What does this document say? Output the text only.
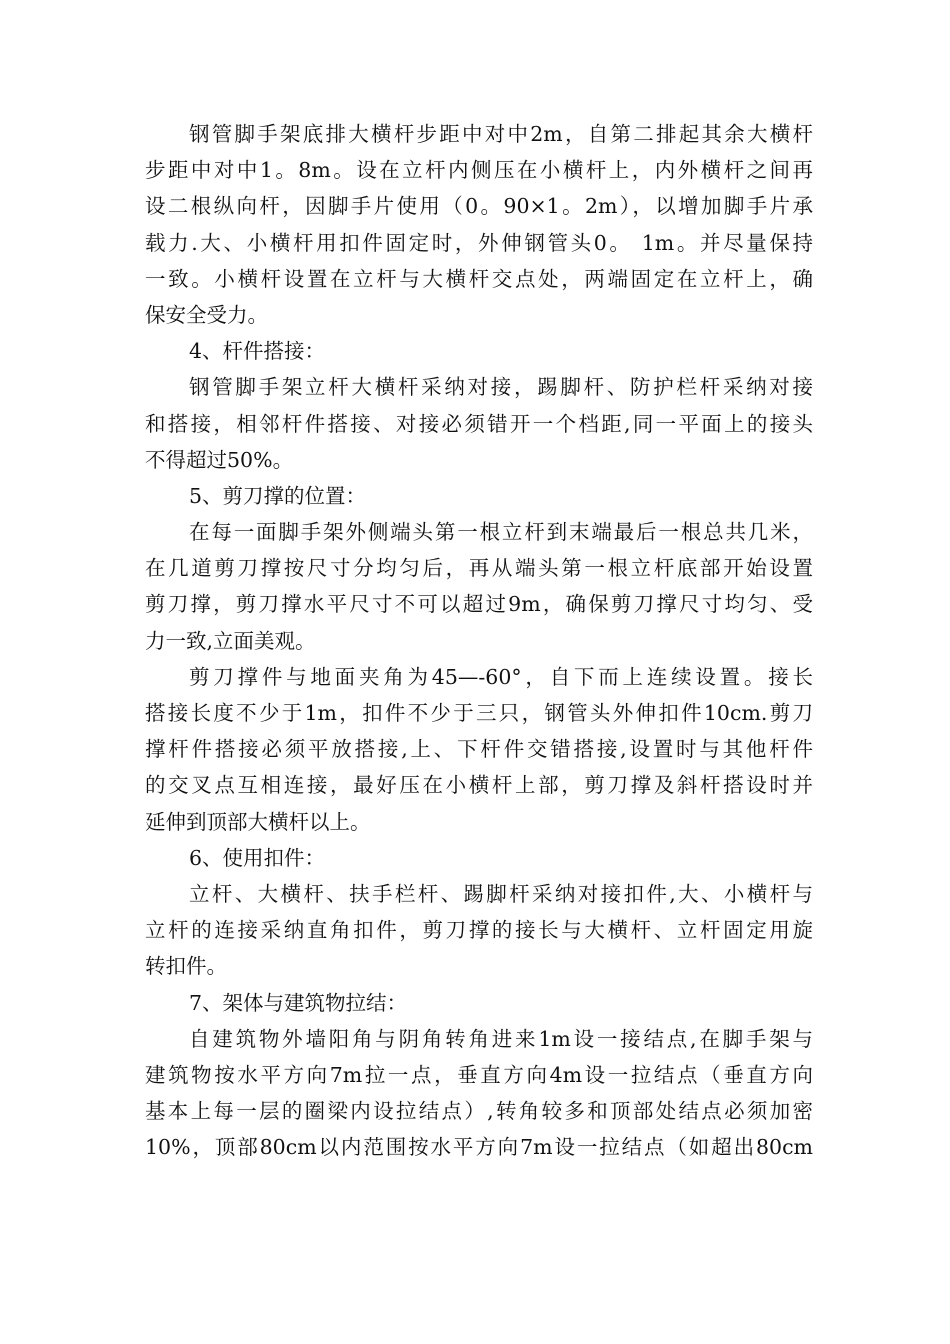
钢管脚手架底排大横杆步距中对中2m，自第二排起其余大横杆
步距中对中1。8m。设在立杆内侧压在小横杆上，内外横杆之间再
设二根纵向杆，因脚手片使用（0。90×1。2m），以增加脚手片承
载力.大、小横杆用扣件固定时，外伸钢管头0。 1m。并尽量保持
一致。小横杆设置在立杆与大横杆交点处，两端固定在立杆上，确
保安全受力。
4、杆件搭接：
钢管脚手架立杆大横杆采纳对接，踢脚杆、防护栏杆采纳对接
和搭接，相邻杆件搭接、对接必须错开一个档距,同一平面上的接头
不得超过50%。
5、剪刀撑的位置：
在每一面脚手架外侧端头第一根立杆到末端最后一根总共几米，
在几道剪刀撑按尺寸分均匀后，再从端头第一根立杆底部开始设置
剪刀撑，剪刀撑水平尺寸不可以超过9m，确保剪刀撑尺寸均匀、受
力一致,立面美观。
剪刀撑件与地面夹角为45—-60°，自下而上连续设置。接长
搭接长度不少于1m，扣件不少于三只，钢管头外伸扣件10cm.剪刀
撑杆件搭接必须平放搭接,上、下杆件交错搭接,设置时与其他杆件
的交叉点互相连接，最好压在小横杆上部，剪刀撑及斜杆搭设时并
延伸到顶部大横杆以上。
6、使用扣件：
立杆、大横杆、扶手栏杆、踢脚杆采纳对接扣件,大、小横杆与
立杆的连接采纳直角扣件，剪刀撑的接长与大横杆、立杆固定用旋
转扣件。
7、架体与建筑物拉结：
自建筑物外墙阳角与阴角转角进来1m设一接结点,在脚手架与
建筑物按水平方向7m拉一点，垂直方向4m设一拉结点（垂直方向
基本上每一层的圈梁内设拉结点）,转角较多和顶部处结点必须加密
10%，顶部80cm以内范围按水平方向7m设一拉结点（如超出80cm
